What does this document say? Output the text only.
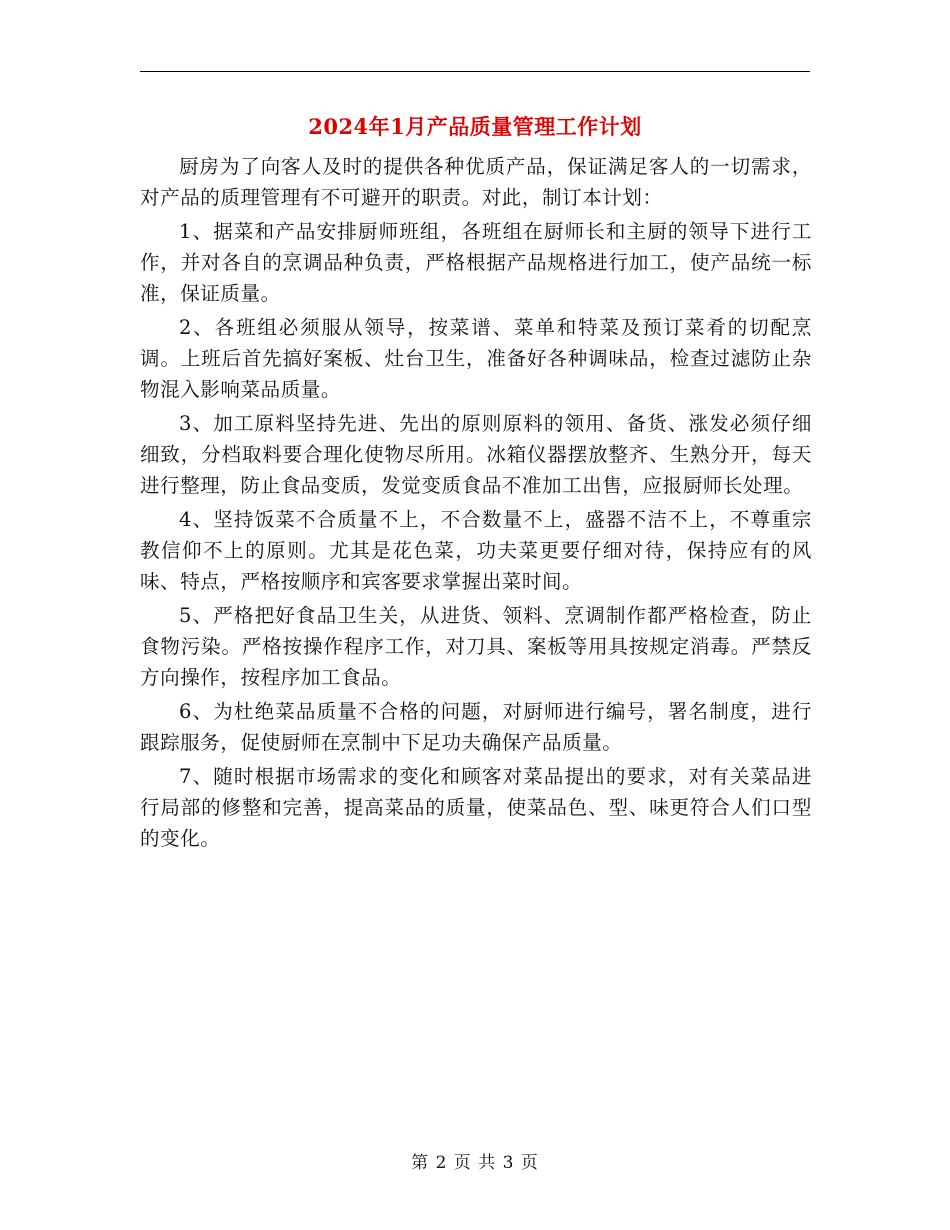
2024年1月产品质量管理工作计划

厨房为了向客人及时的提供各种优质产品，保证满足客人的一切需求，对产品的质理管理有不可避开的职责。对此，制订本计划：

1、据菜和产品安排厨师班组，各班组在厨师长和主厨的领导下进行工作，并对各自的烹调品种负责，严格根据产品规格进行加工，使产品统一标准，保证质量。

2、各班组必须服从领导，按菜谱、菜单和特菜及预订菜肴的切配烹调。上班后首先搞好案板、灶台卫生，准备好各种调味品，检查过滤防止杂物混入影响菜品质量。

3、加工原料坚持先进、先出的原则原料的领用、备货、涨发必须仔细细致，分档取料要合理化使物尽所用。冰箱仪器摆放整齐、生熟分开，每天进行整理，防止食品变质，发觉变质食品不准加工出售，应报厨师长处理。

4、坚持饭菜不合质量不上，不合数量不上，盛器不洁不上，不尊重宗教信仰不上的原则。尤其是花色菜，功夫菜更要仔细对待，保持应有的风味、特点，严格按顺序和宾客要求掌握出菜时间。

5、严格把好食品卫生关，从进货、领料、烹调制作都严格检查，防止食物污染。严格按操作程序工作，对刀具、案板等用具按规定消毒。严禁反方向操作，按程序加工食品。

6、为杜绝菜品质量不合格的问题，对厨师进行编号，署名制度，进行跟踪服务，促使厨师在烹制中下足功夫确保产品质量。

7、随时根据市场需求的变化和顾客对菜品提出的要求，对有关菜品进行局部的修整和完善，提高菜品的质量，使菜品色、型、味更符合人们口型的变化。

第 2 页 共 3 页
